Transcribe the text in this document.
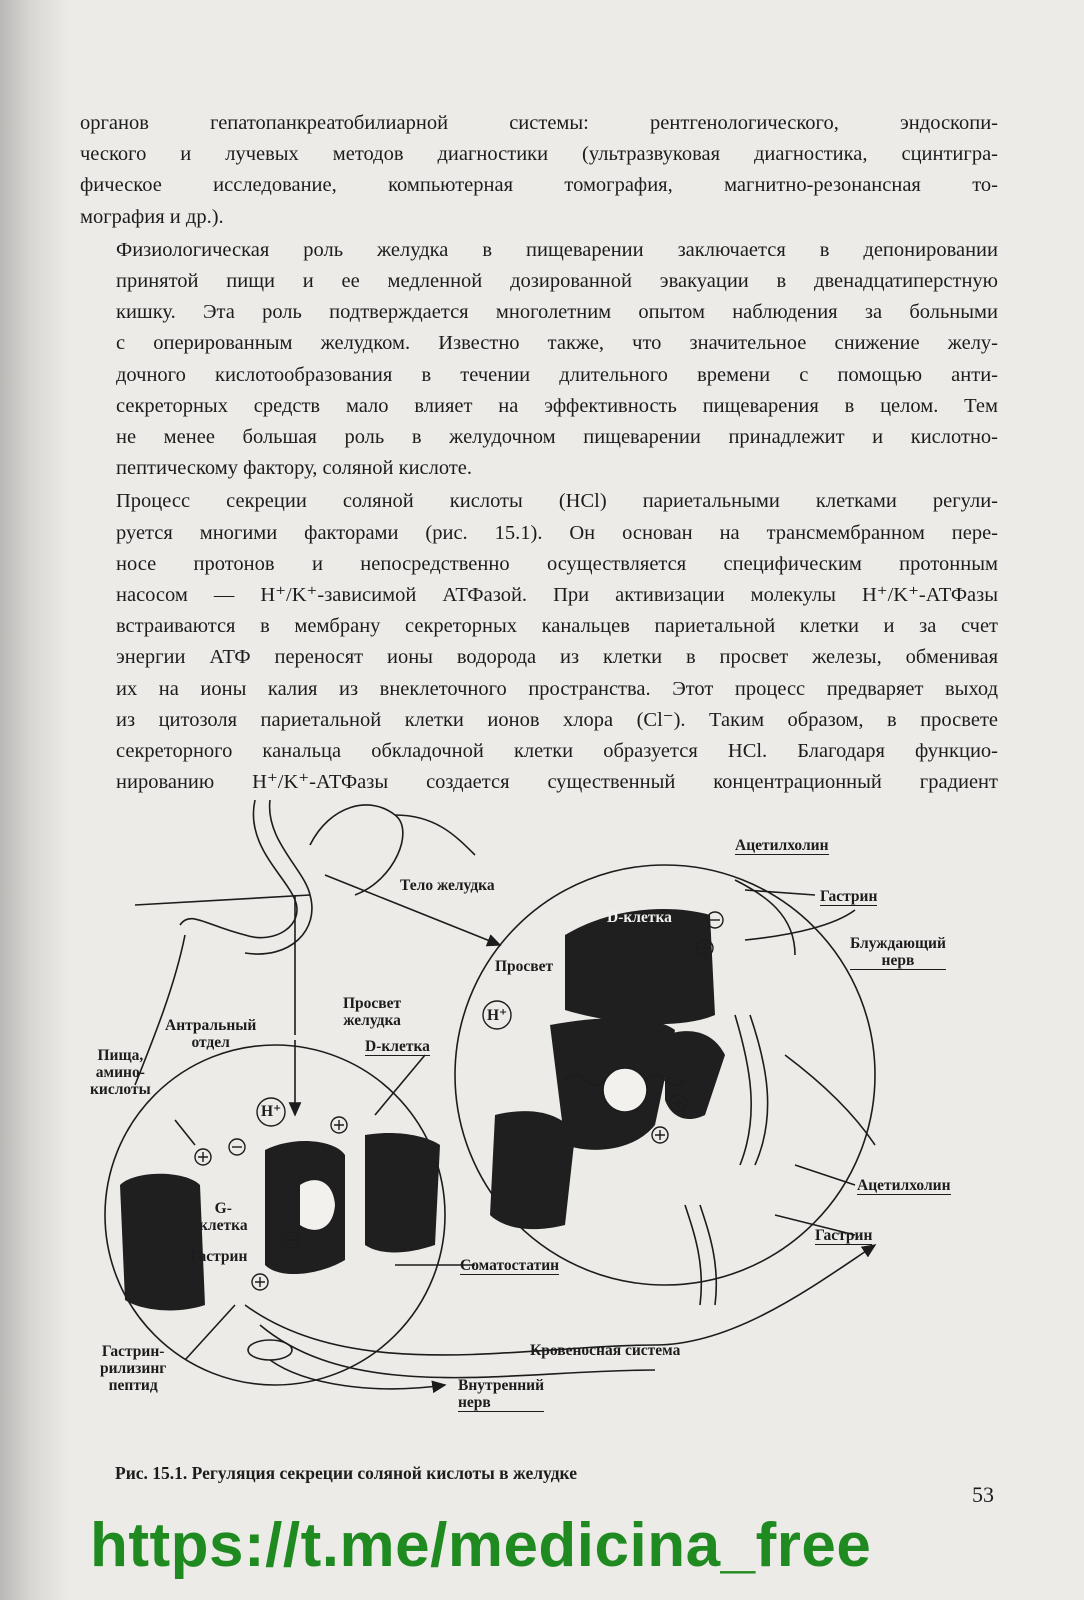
органов гепатопанкреатобилиарной системы: рентгенологического, эндоскопи-
ческого и лучевых методов диагностики (ультразвуковая диагностика, сцинтигра-
фическое исследование, компьютерная томография, магнитно-резонансная то-
мография и др.).

Физиологическая роль желудка в пищеварении заключается в депонировании
принятой пищи и ее медленной дозированной эвакуации в двенадцатиперстную
кишку. Эта роль подтверждается многолетним опытом наблюдения за больными
с оперированным желудком. Известно также, что значительное снижение желу-
дочного кислотообразования в течении длительного времени с помощью анти-
секреторных средств мало влияет на эффективность пищеварения в целом. Тем
не менее большая роль в желудочном пищеварении принадлежит и кислотно-
пептическому фактору, соляной кислоте.

Процесс секреции соляной кислоты (HCl) париетальными клетками регули-
руется многими факторами (рис. 15.1). Он основан на трансмембранном пере-
носе протонов и непосредственно осуществляется специфическим протонным
насосом — H⁺/K⁺-зависимой АТФазой. При активизации молекулы H⁺/K⁺-АТФазы
встраиваются в мембрану секреторных канальцев париетальной клетки и за счет
энергии АТФ переносят ионы водорода из клетки в просвет железы, обменивая
их на ионы калия из внеклеточного пространства. Этот процесс предваряет выход
из цитозоля париетальной клетки ионов хлора (Cl⁻). Таким образом, в просвете
секреторного канальца обкладочной клетки образуется HCl. Благодаря функцио-
нированию H⁺/K⁺-АТФазы создается существенный концентрационный градиент

Ацетилхолин
Гастрин
Блуждающий
нерв
Тело желудка
D-клетка
Просвет
H⁺
Антральный
отдел
Просвет
желудка
D-клетка
Пища,
амино-
кислоты
H⁺
G-
клетка
Гастрин
Ацетилхолин
Гастрин
Соматостатин
Кровеносная система
Гастрин-
рилизинг
пептид	Внутренний
нерв
Рис. 15.1. Регуляция секреции соляной кислоты в желудке
53
https://t.me/medicina_free
